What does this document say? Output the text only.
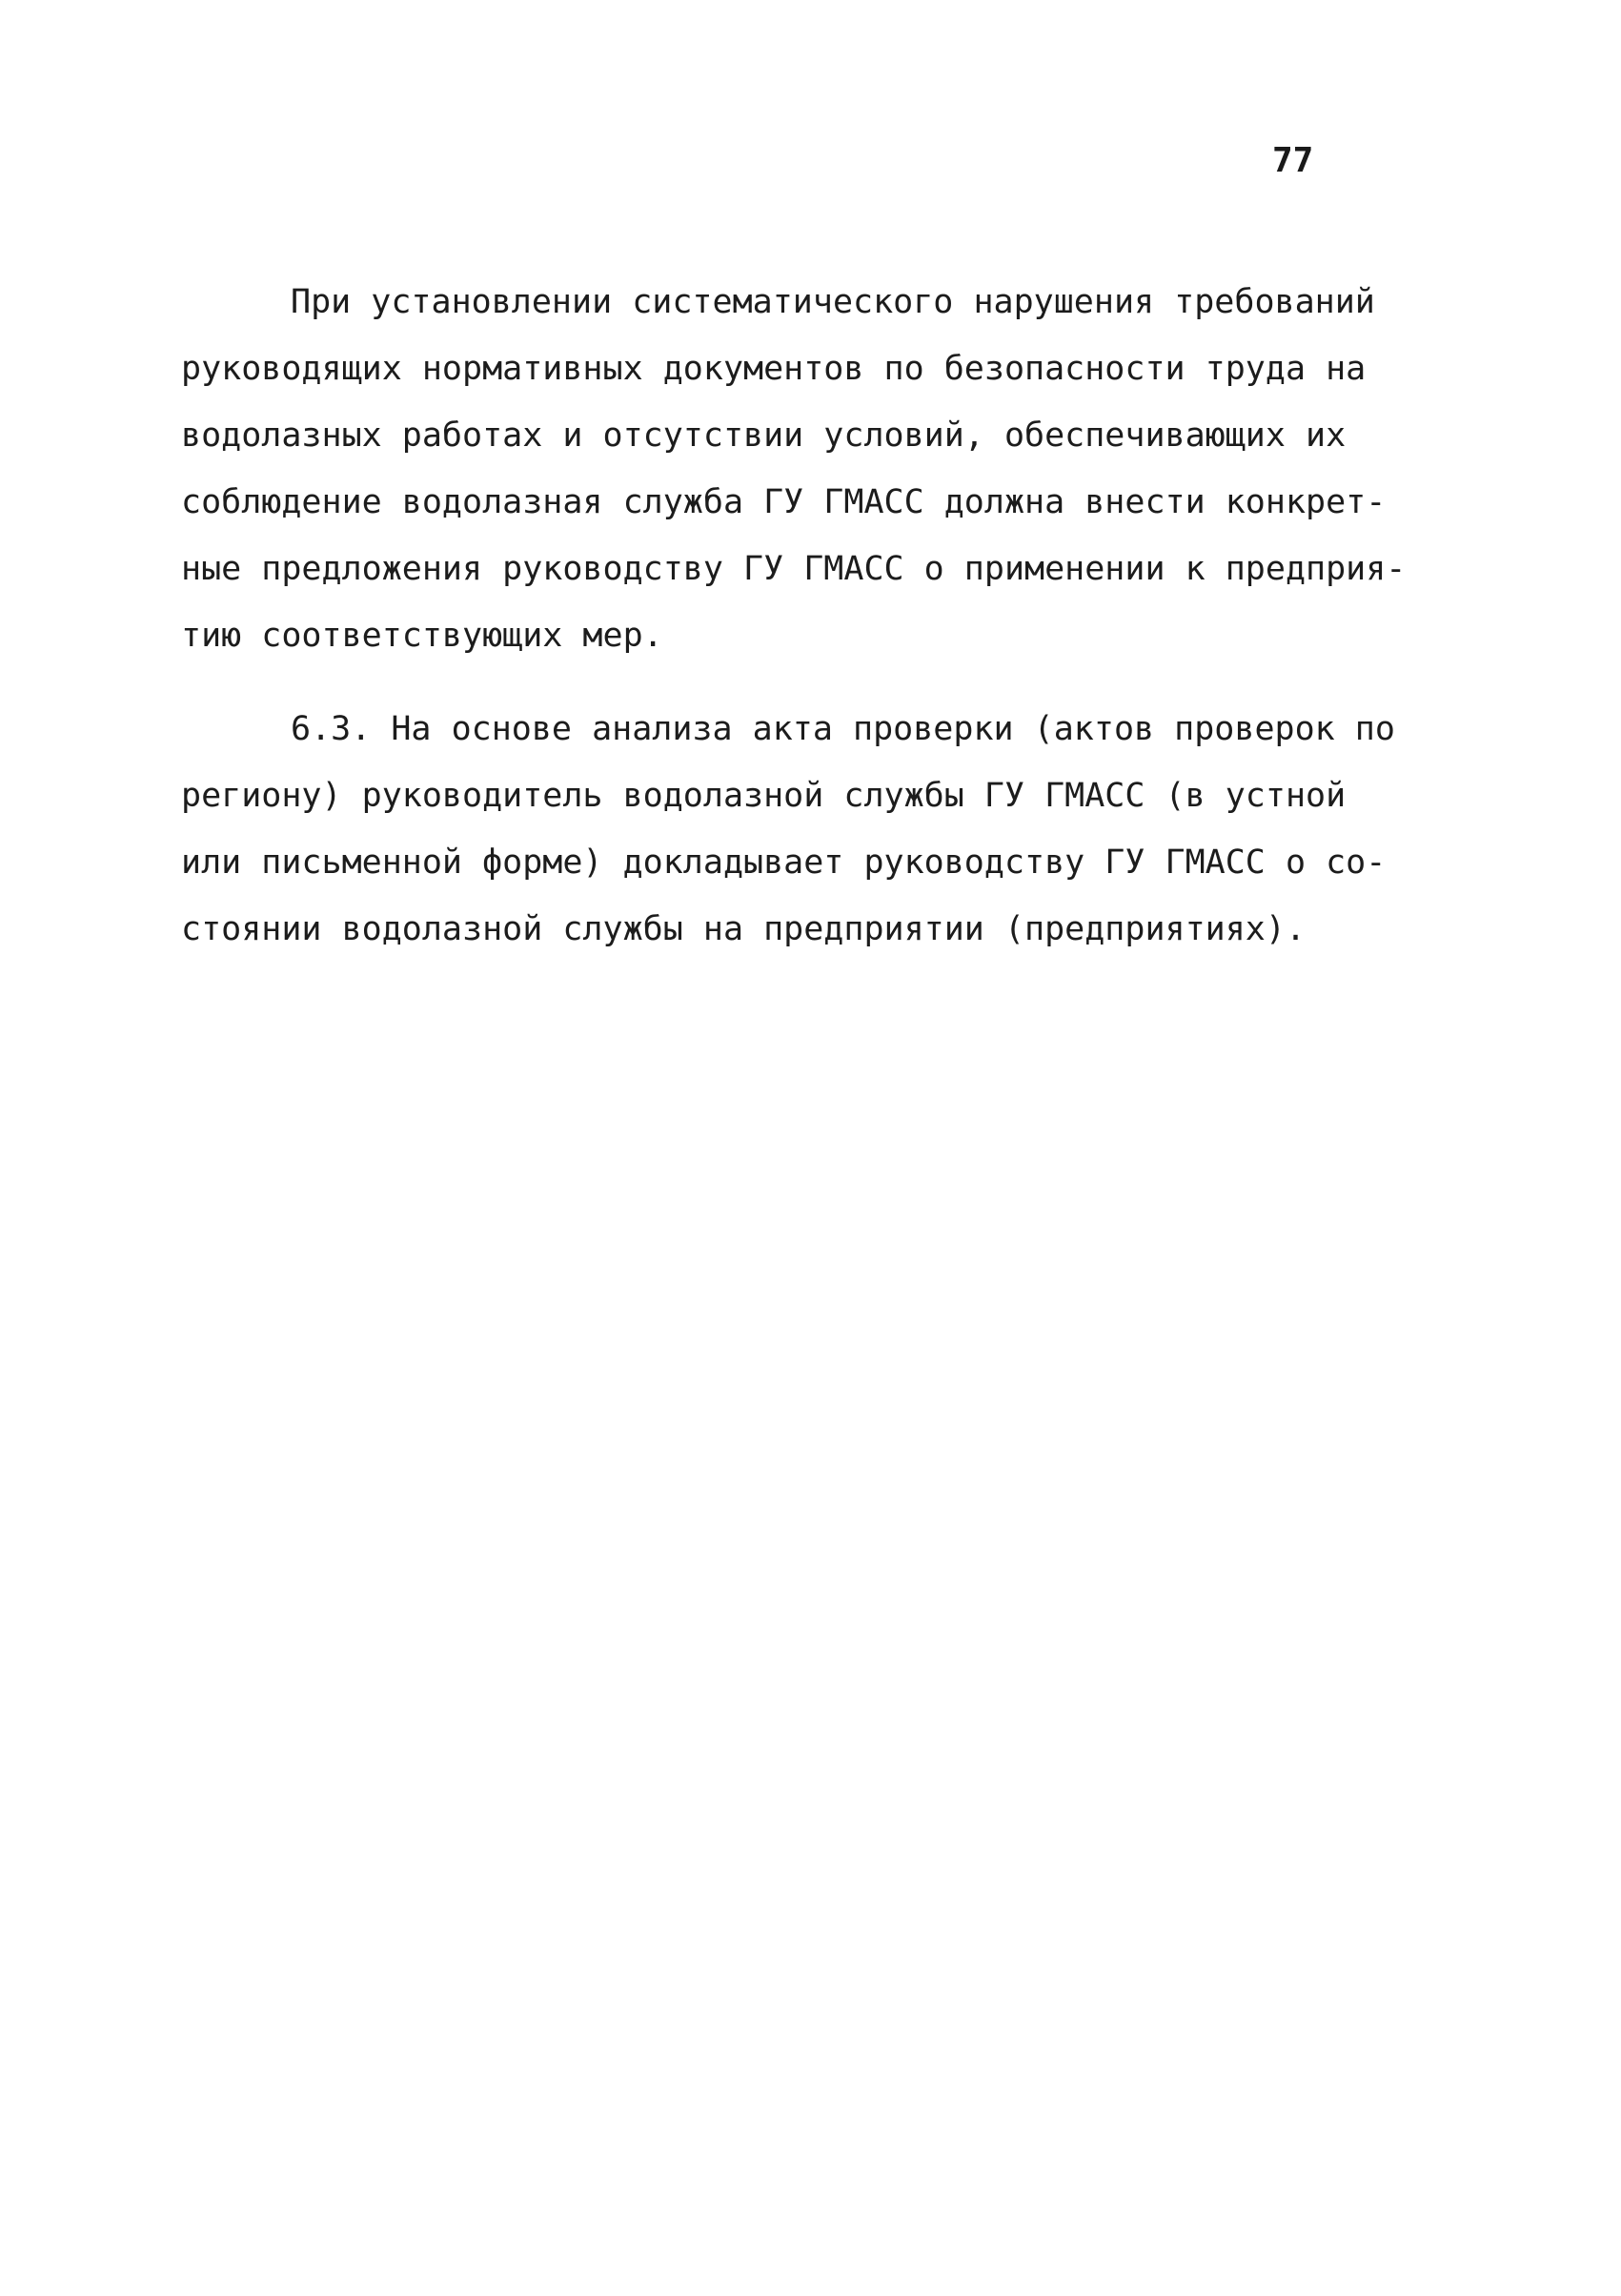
77

При установлении систематического нарушения требований
руководящих нормативных документов по безопасности труда на
водолазных работах и отсутствии условий, обеспечивающих их
соблюдение водолазная служба ГУ ГМАСС должна внести конкрет-
ные предложения руководству ГУ ГМАСС о применении к предприя-
тию соответствующих мер.

6.3. На основе анализа акта проверки (актов проверок по
региону) руководитель водолазной службы ГУ ГМАСС (в устной
или письменной форме) докладывает руководству ГУ ГМАСС о со-
стоянии водолазной службы на предприятии (предприятиях).
